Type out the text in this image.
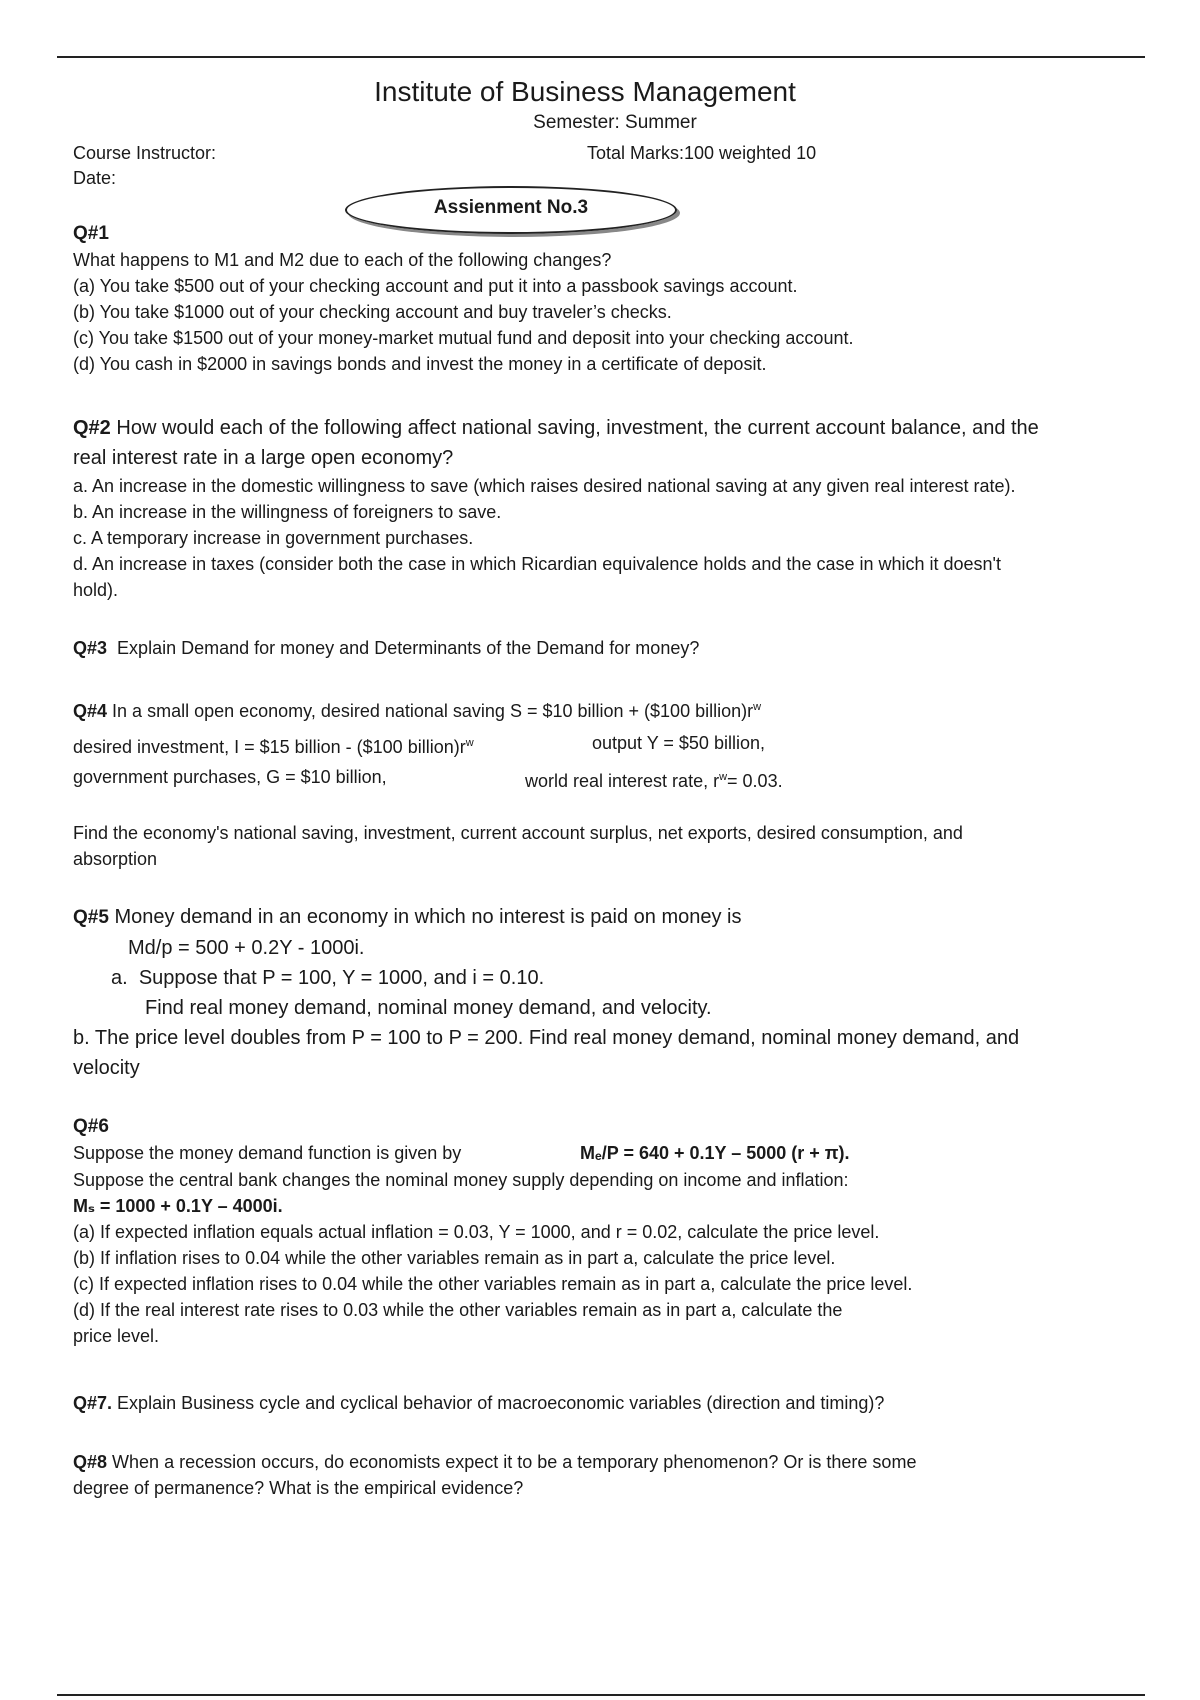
Institute of Business Management
Semester: Summer
Course Instructor:	Total Marks:100 weighted 10
Date:
Assienment No.3

Q#1

What happens to M1 and M2 due to each of the following changes?

(a) You take $500 out of your checking account and put it into a passbook savings account.

(b) You take $1000 out of your checking account and buy traveler’s checks.

(c) You take $1500 out of your money-market mutual fund and deposit into your checking account.

(d) You cash in $2000 in savings bonds and invest the money in a certificate of deposit.

Q#2 How would each of the following affect national saving, investment, the current account balance, and the

real interest rate in a large open economy?

a. An increase in the domestic willingness to save (which raises desired national saving at any given real interest rate).

b. An increase in the willingness of foreigners to save.

c. A temporary increase in government purchases.

d. An increase in taxes (consider both the case in which Ricardian equivalence holds and the case in which it doesn't

hold).

Q#3 Explain Demand for money and Determinants of the Demand for money?

Q#4 In a small open economy, desired national saving S = $10 billion + ($100 $billion)r^w$

desired investment, I = $15 billion - ($100 $billion)r^w$	output Y = $50 billion,
government purchases, G = $10 billion,	world real interest rate, $r^w= 0.03$.

Find the economy's national saving, investment, current account surplus, net exports, desired consumption, and

absorption

Q#5 Money demand in an economy in which no interest is paid on money is

Md/p = 500 + 0.2Y - 1000i.

a. Suppose that P = 100, Y = 1000, and i = 0.10.

Find real money demand, nominal money demand, and velocity.

b. The price level doubles from P = 100 to P = 200. Find real money demand, nominal money demand, and

velocity

Q#6

Suppose the money demand function is given by	Mₑ/P = 640 + 0.1Y – 5000 (r + π).

Suppose the central bank changes the nominal money supply depending on income and inflation:

Mₛ = 1000 + 0.1Y – 4000i.

(a) If expected inflation equals actual inflation = 0.03, Y = 1000, and r = 0.02, calculate the price level.

(b) If inflation rises to 0.04 while the other variables remain as in part a, calculate the price level.

(c) If expected inflation rises to 0.04 while the other variables remain as in part a, calculate the price level.

(d) If the real interest rate rises to 0.03 while the other variables remain as in part a, calculate the

price level.

Q#7. Explain Business cycle and cyclical behavior of macroeconomic variables (direction and timing)?

Q#8 When a recession occurs, do economists expect it to be a temporary phenomenon? Or is there some

degree of permanence? What is the empirical evidence?
